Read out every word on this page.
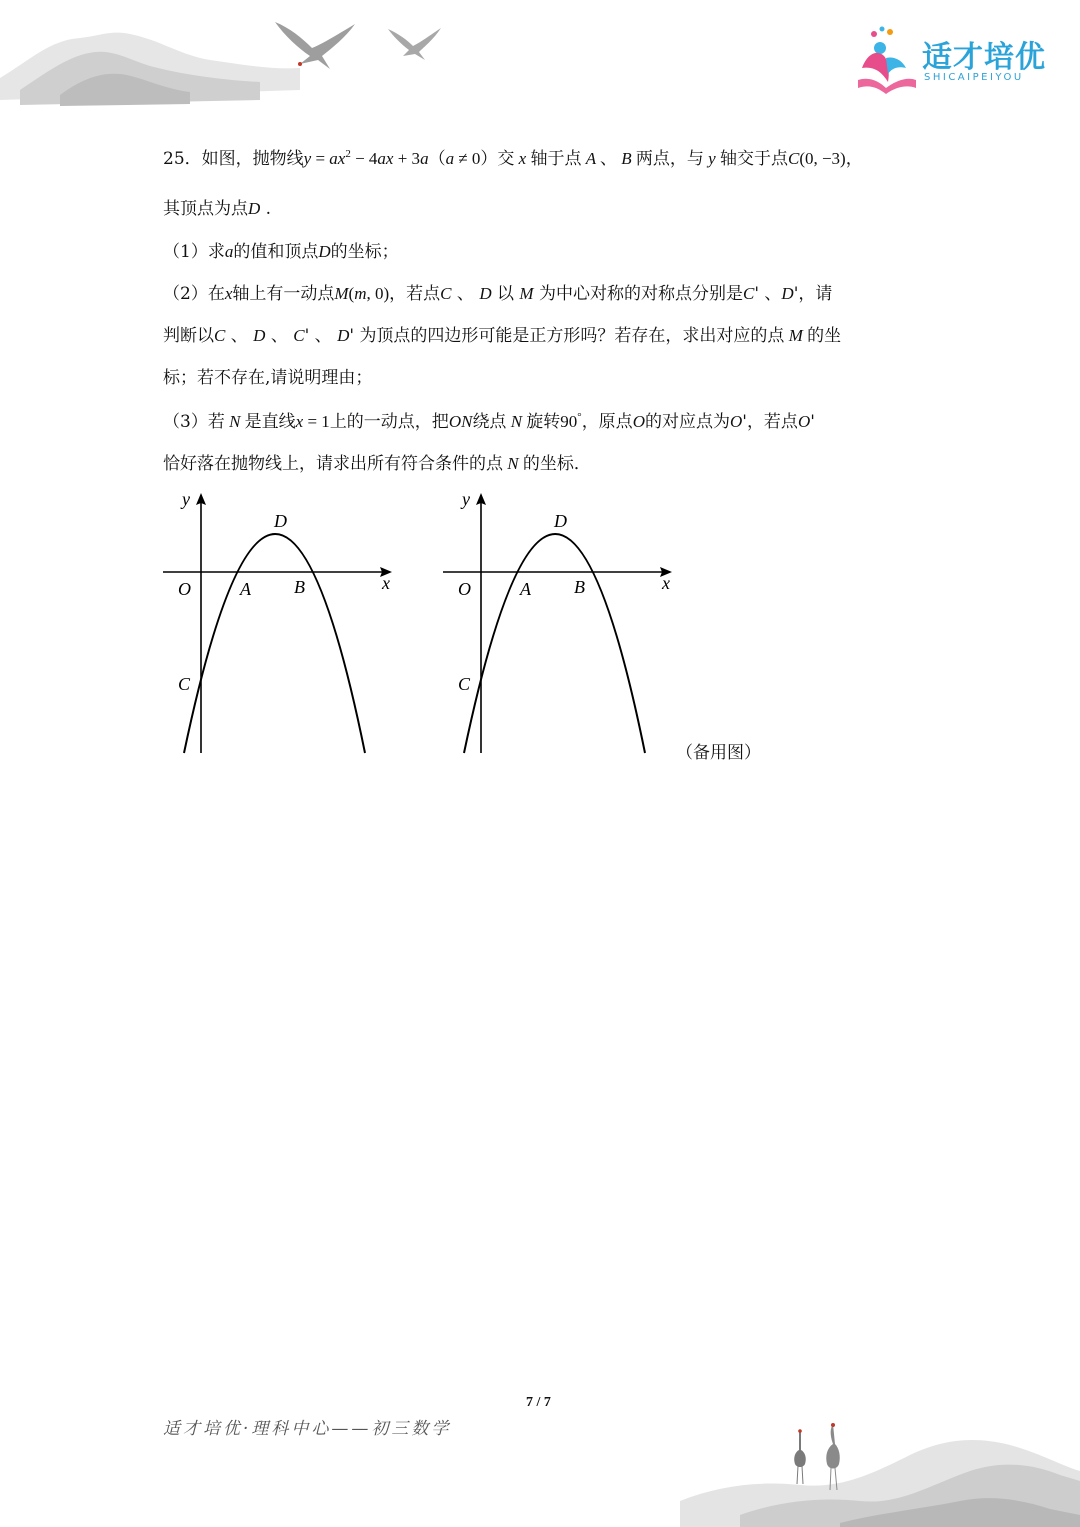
适才培优
SHICAIPEIYOU
25．如图，抛物线$y = ax^2 - 4ax + 3a(a \ne 0)$交 x 轴于点 A 、 B 两点，与 y 轴交于点C(0, −3)，
其顶点为点D .
（1）求a的值和顶点D的坐标；
（2）在x轴上有一动点M(m, 0)，若点C 、 D 以 M 为中心对称的对称点分别是C' 、D'，请
判断以C 、 D 、 C' 、 D' 为顶点的四边形可能是正方形吗？若存在，求出对应的点 M 的坐
标；若不存在,请说明理由；
（3）若 N 是直线x = 1上的一动点，把ON绕点 N 旋转90°，原点O的对应点为O'，若点O'
恰好落在抛物线上，请求出所有符合条件的点 N 的坐标．
y
D
x
O	A B
C
y
D
x
O	A B
C
（备用图）
7 / 7
适才培优·理科中心——初三数学
